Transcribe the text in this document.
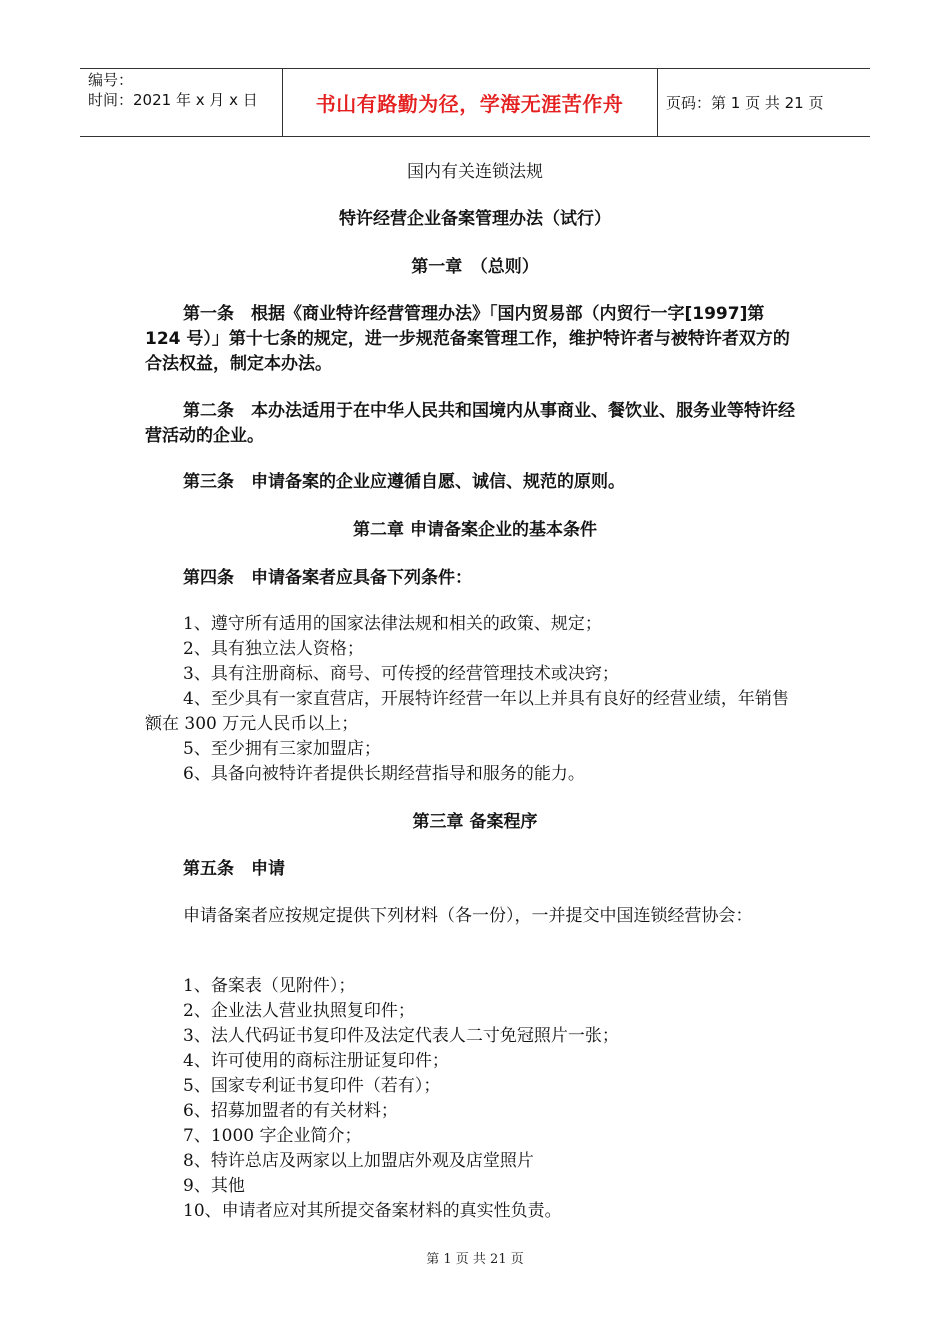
编号：
时间：2021 年 x 月 x 日	书山有路勤为径，学海无涯苦作舟	页码：第 1 页 共 21 页
国内有关连锁法规
特许经营企业备案管理办法（试行）
第一章　（总则）
第一条　根据《商业特许经营管理办法》「国内贸易部（内贸行一字[1997]第 124 号）」第十七条的规定，进一步规范备案管理工作，维护特许者与被特许者双方的合法权益，制定本办法。
第二条　本办法适用于在中华人民共和国境内从事商业、餐饮业、服务业等特许经营活动的企业。
第三条　申请备案的企业应遵循自愿、诚信、规范的原则。
第二章 申请备案企业的基本条件
第四条　申请备案者应具备下列条件：
1、遵守所有适用的国家法律法规和相关的政策、规定；
2、具有独立法人资格；
3、具有注册商标、商号、可传授的经营管理技术或决窍；
4、至少具有一家直营店，开展特许经营一年以上并具有良好的经营业绩，年销售额在 300 万元人民币以上；
5、至少拥有三家加盟店；
6、具备向被特许者提供长期经营指导和服务的能力。
第三章 备案程序
第五条　申请
申请备案者应按规定提供下列材料（各一份），一并提交中国连锁经营协会：
1、备案表（见附件）；
2、企业法人营业执照复印件；
3、法人代码证书复印件及法定代表人二寸免冠照片一张；
4、许可使用的商标注册证复印件；
5、国家专利证书复印件（若有）；
6、招募加盟者的有关材料；
7、1000 字企业简介；
8、特许总店及两家以上加盟店外观及店堂照片
9、其他
10、申请者应对其所提交备案材料的真实性负责。
第 1 页 共 21 页
